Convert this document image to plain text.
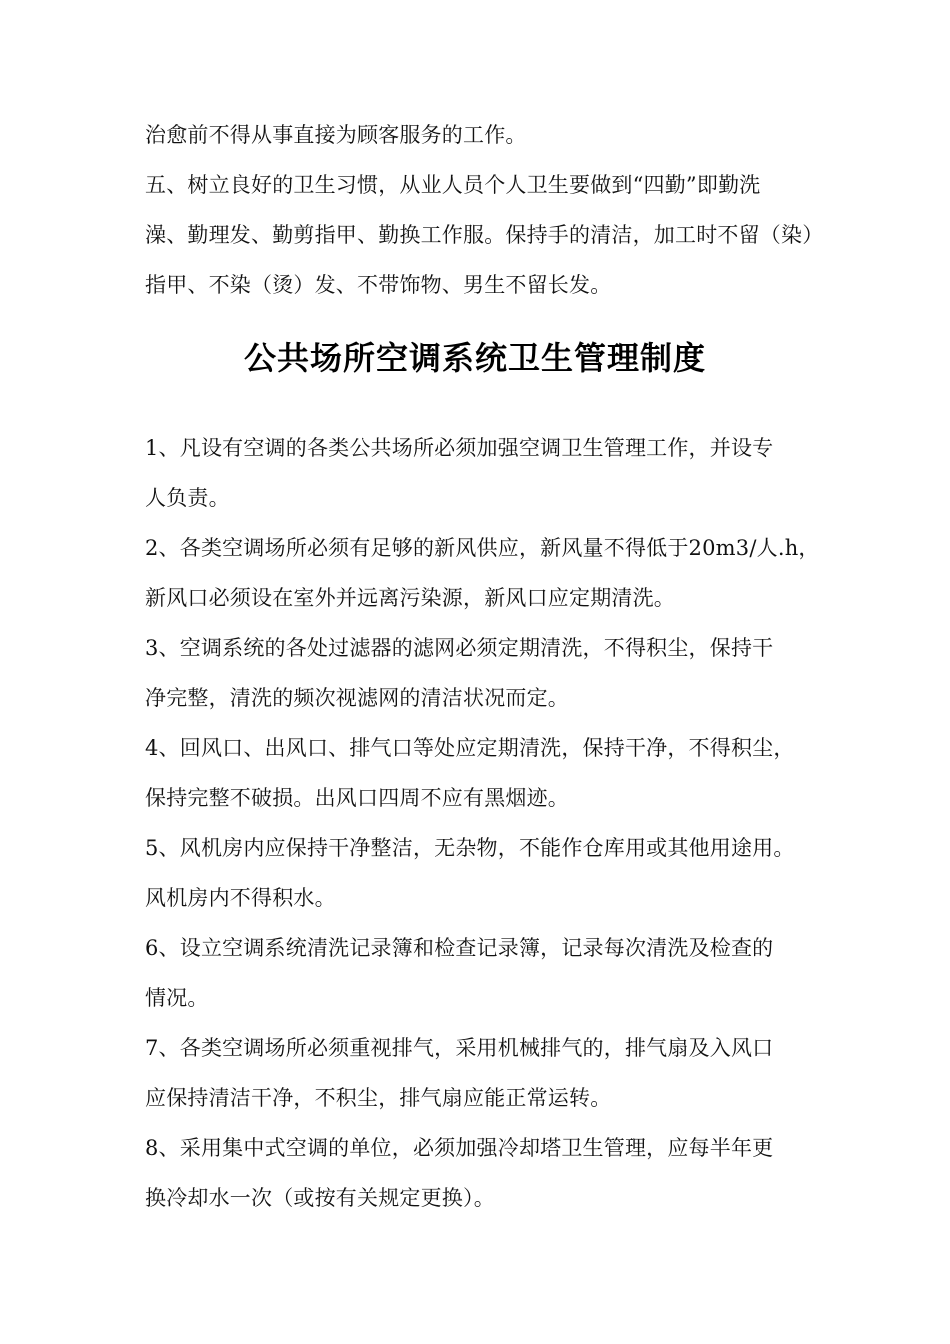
治愈前不得从事直接为顾客服务的工作。
五、树立良好的卫生习惯，从业人员个人卫生要做到“四勤”即勤洗
澡、勤理发、勤剪指甲、勤换工作服。保持手的清洁，加工时不留（染）
指甲、不染（烫）发、不带饰物、男生不留长发。
公共场所空调系统卫生管理制度
1、凡设有空调的各类公共场所必须加强空调卫生管理工作，并设专
人负责。
2、各类空调场所必须有足够的新风供应，新风量不得低于20m3/人.h，
新风口必须设在室外并远离污染源，新风口应定期清洗。
3、空调系统的各处过滤器的滤网必须定期清洗，不得积尘，保持干
净完整，清洗的频次视滤网的清洁状况而定。
4、回风口、出风口、排气口等处应定期清洗，保持干净，不得积尘，
保持完整不破损。出风口四周不应有黑烟迹。
5、风机房内应保持干净整洁，无杂物，不能作仓库用或其他用途用。
风机房内不得积水。
6、设立空调系统清洗记录簿和检查记录簿，记录每次清洗及检查的
情况。
7、各类空调场所必须重视排气，采用机械排气的，排气扇及入风口
应保持清洁干净，不积尘，排气扇应能正常运转。
8、采用集中式空调的单位，必须加强冷却塔卫生管理，应每半年更
换冷却水一次（或按有关规定更换）。
